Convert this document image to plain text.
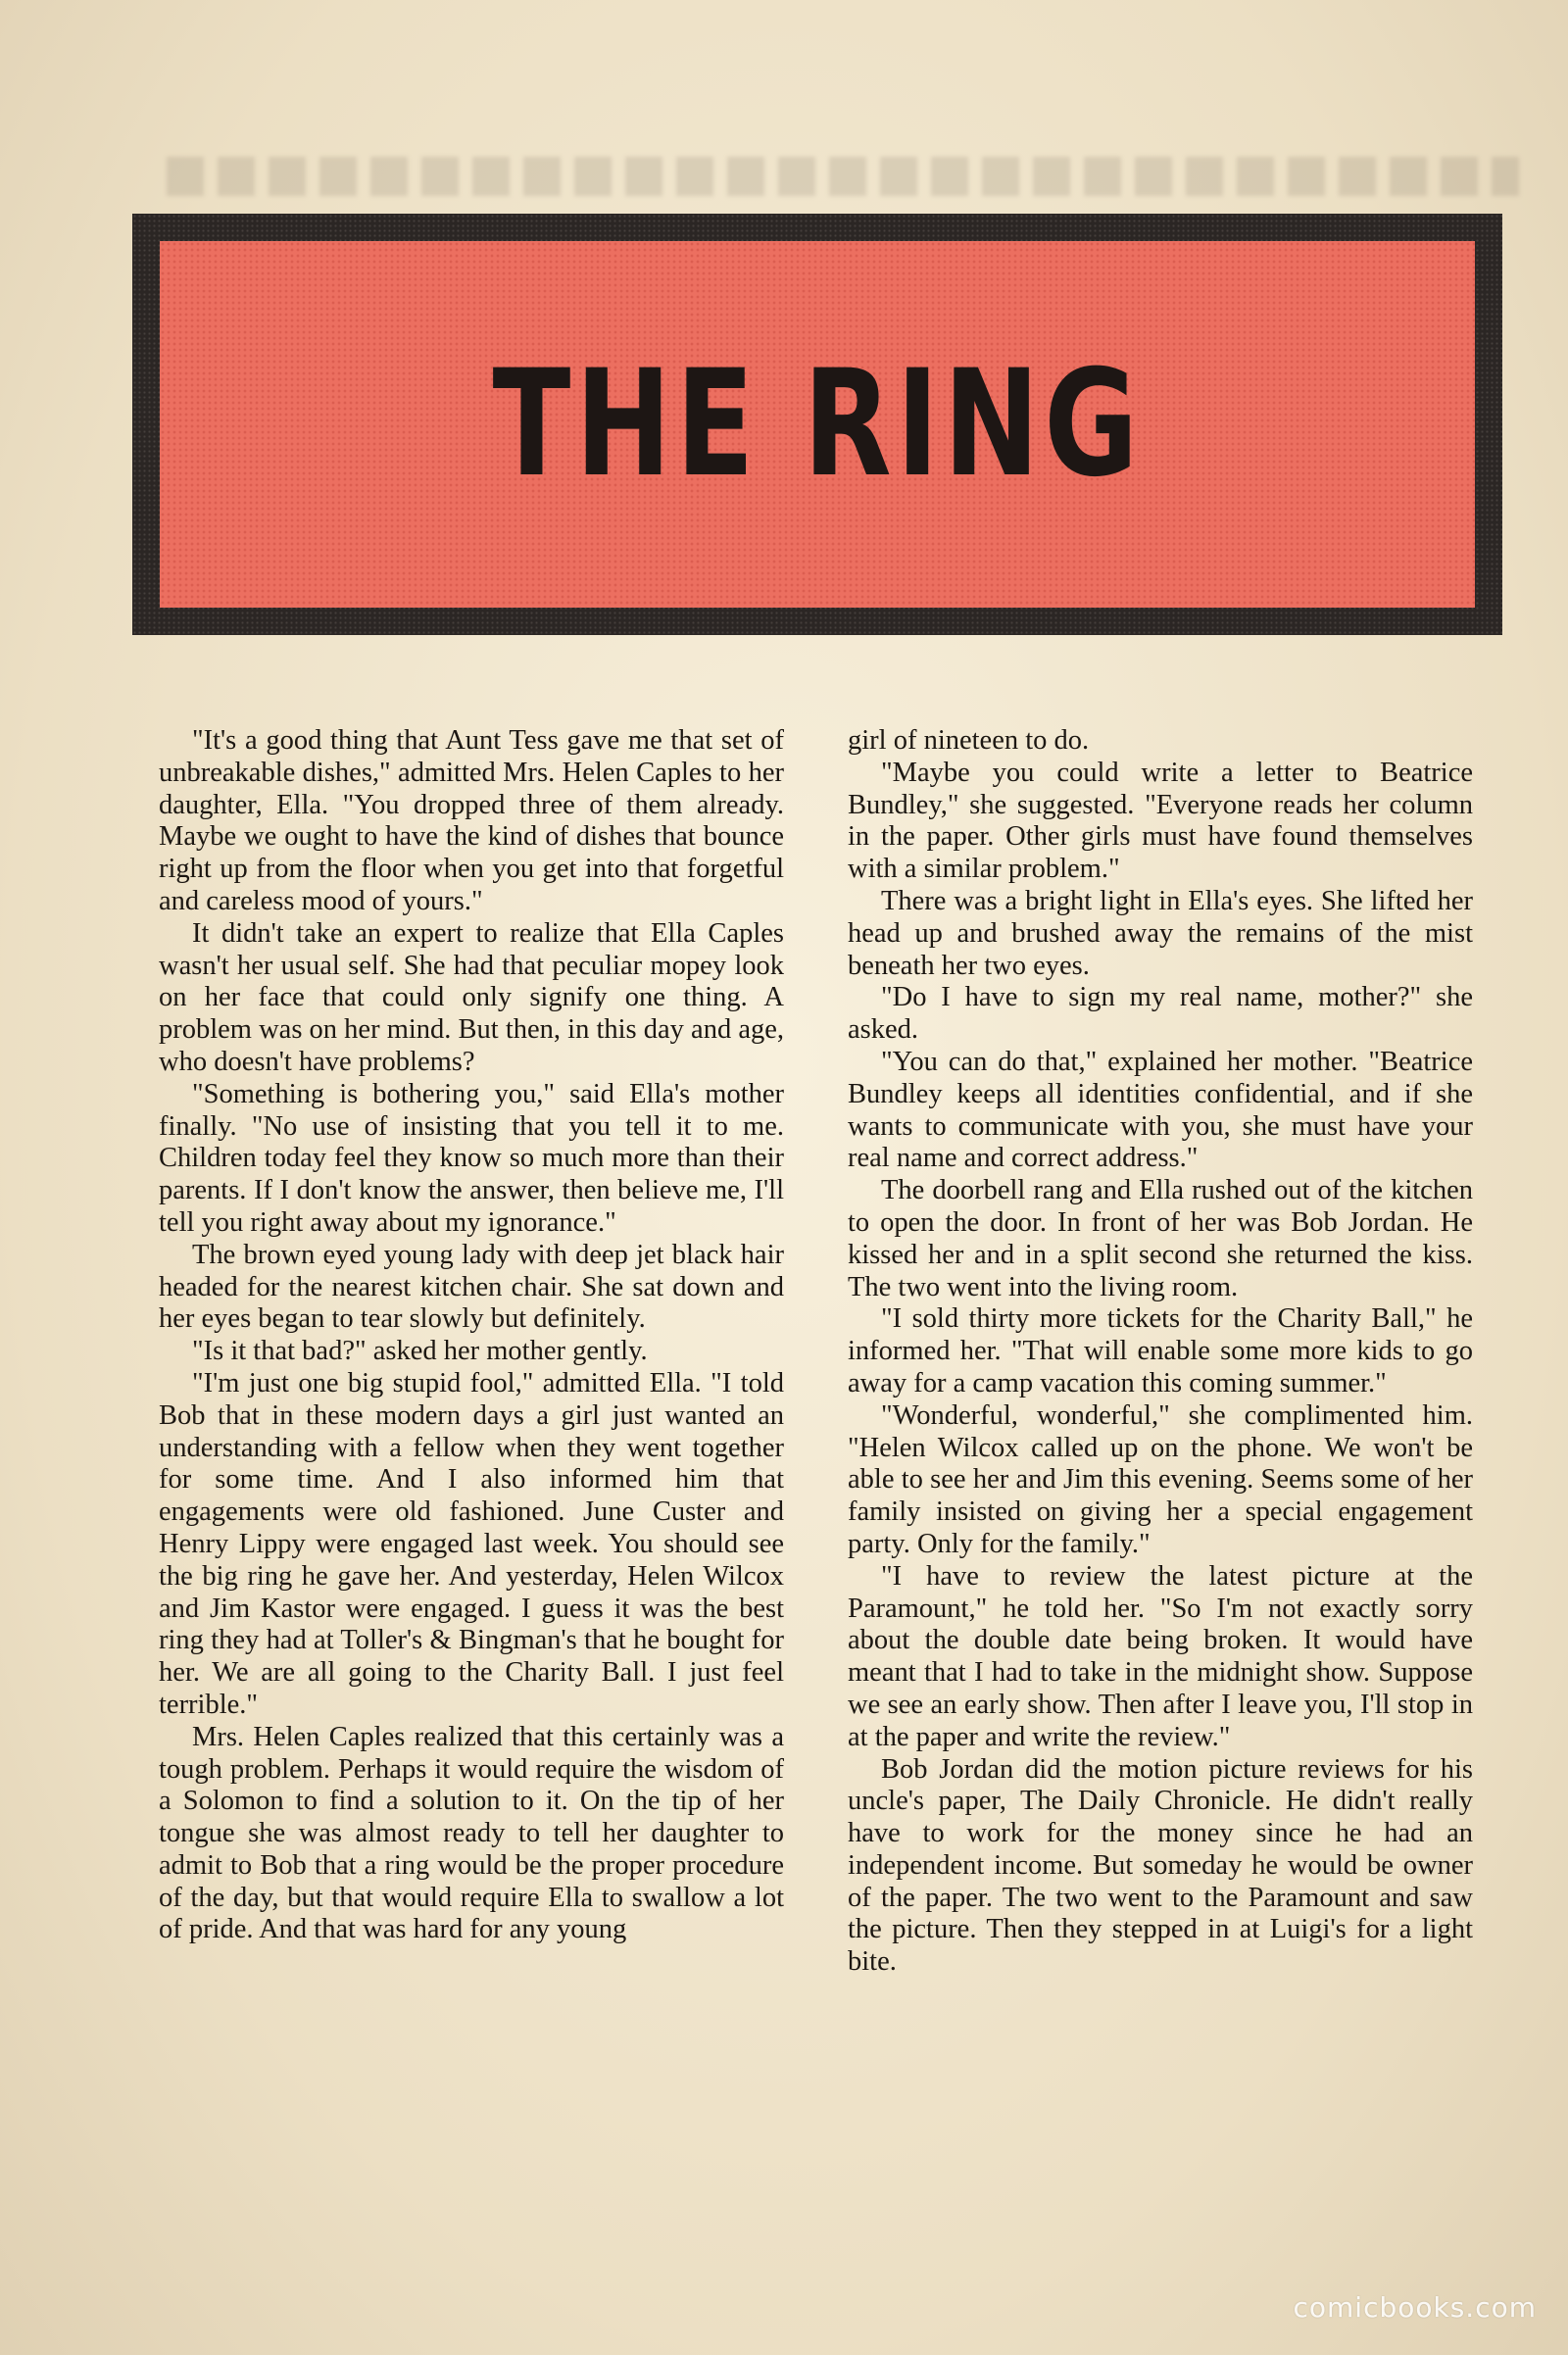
THE RING

"It's a good thing that Aunt Tess gave me that set of unbreakable dishes," admitted Mrs. Helen Caples to her daughter, Ella. "You dropped three of them already. Maybe we ought to have the kind of dishes that bounce right up from the floor when you get into that forgetful and careless mood of yours."

It didn't take an expert to realize that Ella Caples wasn't her usual self. She had that peculiar mopey look on her face that could only signify one thing. A problem was on her mind. But then, in this day and age, who doesn't have problems?

"Something is bothering you," said Ella's mother finally. "No use of insisting that you tell it to me. Children today feel they know so much more than their parents. If I don't know the answer, then believe me, I'll tell you right away about my ignorance."

The brown eyed young lady with deep jet black hair headed for the nearest kitchen chair. She sat down and her eyes began to tear slowly but definitely.

"Is it that bad?" asked her mother gently.

"I'm just one big stupid fool," admitted Ella. "I told Bob that in these modern days a girl just wanted an understanding with a fellow when they went together for some time. And I also informed him that engagements were old fashioned. June Custer and Henry Lippy were engaged last week. You should see the big ring he gave her. And yesterday, Helen Wilcox and Jim Kastor were engaged. I guess it was the best ring they had at Toller's & Bingman's that he bought for her. We are all going to the Charity Ball. I just feel terrible."

Mrs. Helen Caples realized that this certainly was a tough problem. Perhaps it would require the wisdom of a Solomon to find a solution to it. On the tip of her tongue she was almost ready to tell her daughter to admit to Bob that a ring would be the proper procedure of the day, but that would require Ella to swallow a lot of pride. And that was hard for any young

girl of nineteen to do.

"Maybe you could write a letter to Beatrice Bundley," she suggested. "Everyone reads her column in the paper. Other girls must have found themselves with a similar problem."

There was a bright light in Ella's eyes. She lifted her head up and brushed away the remains of the mist beneath her two eyes.

"Do I have to sign my real name, mother?" she asked.

"You can do that," explained her mother. "Beatrice Bundley keeps all identities confidential, and if she wants to communicate with you, she must have your real name and correct address."

The doorbell rang and Ella rushed out of the kitchen to open the door. In front of her was Bob Jordan. He kissed her and in a split second she returned the kiss. The two went into the living room.

"I sold thirty more tickets for the Charity Ball," he informed her. "That will enable some more kids to go away for a camp vacation this coming summer."

"Wonderful, wonderful," she complimented him. "Helen Wilcox called up on the phone. We won't be able to see her and Jim this evening. Seems some of her family insisted on giving her a special engagement party. Only for the family."

"I have to review the latest picture at the Paramount," he told her. "So I'm not exactly sorry about the double date being broken. It would have meant that I had to take in the midnight show. Suppose we see an early show. Then after I leave you, I'll stop in at the paper and write the review."

Bob Jordan did the motion picture reviews for his uncle's paper, The Daily Chronicle. He didn't really have to work for the money since he had an independent income. But someday he would be owner of the paper. The two went to the Paramount and saw the picture. Then they stepped in at Luigi's for a light bite.

comicbooks.com
